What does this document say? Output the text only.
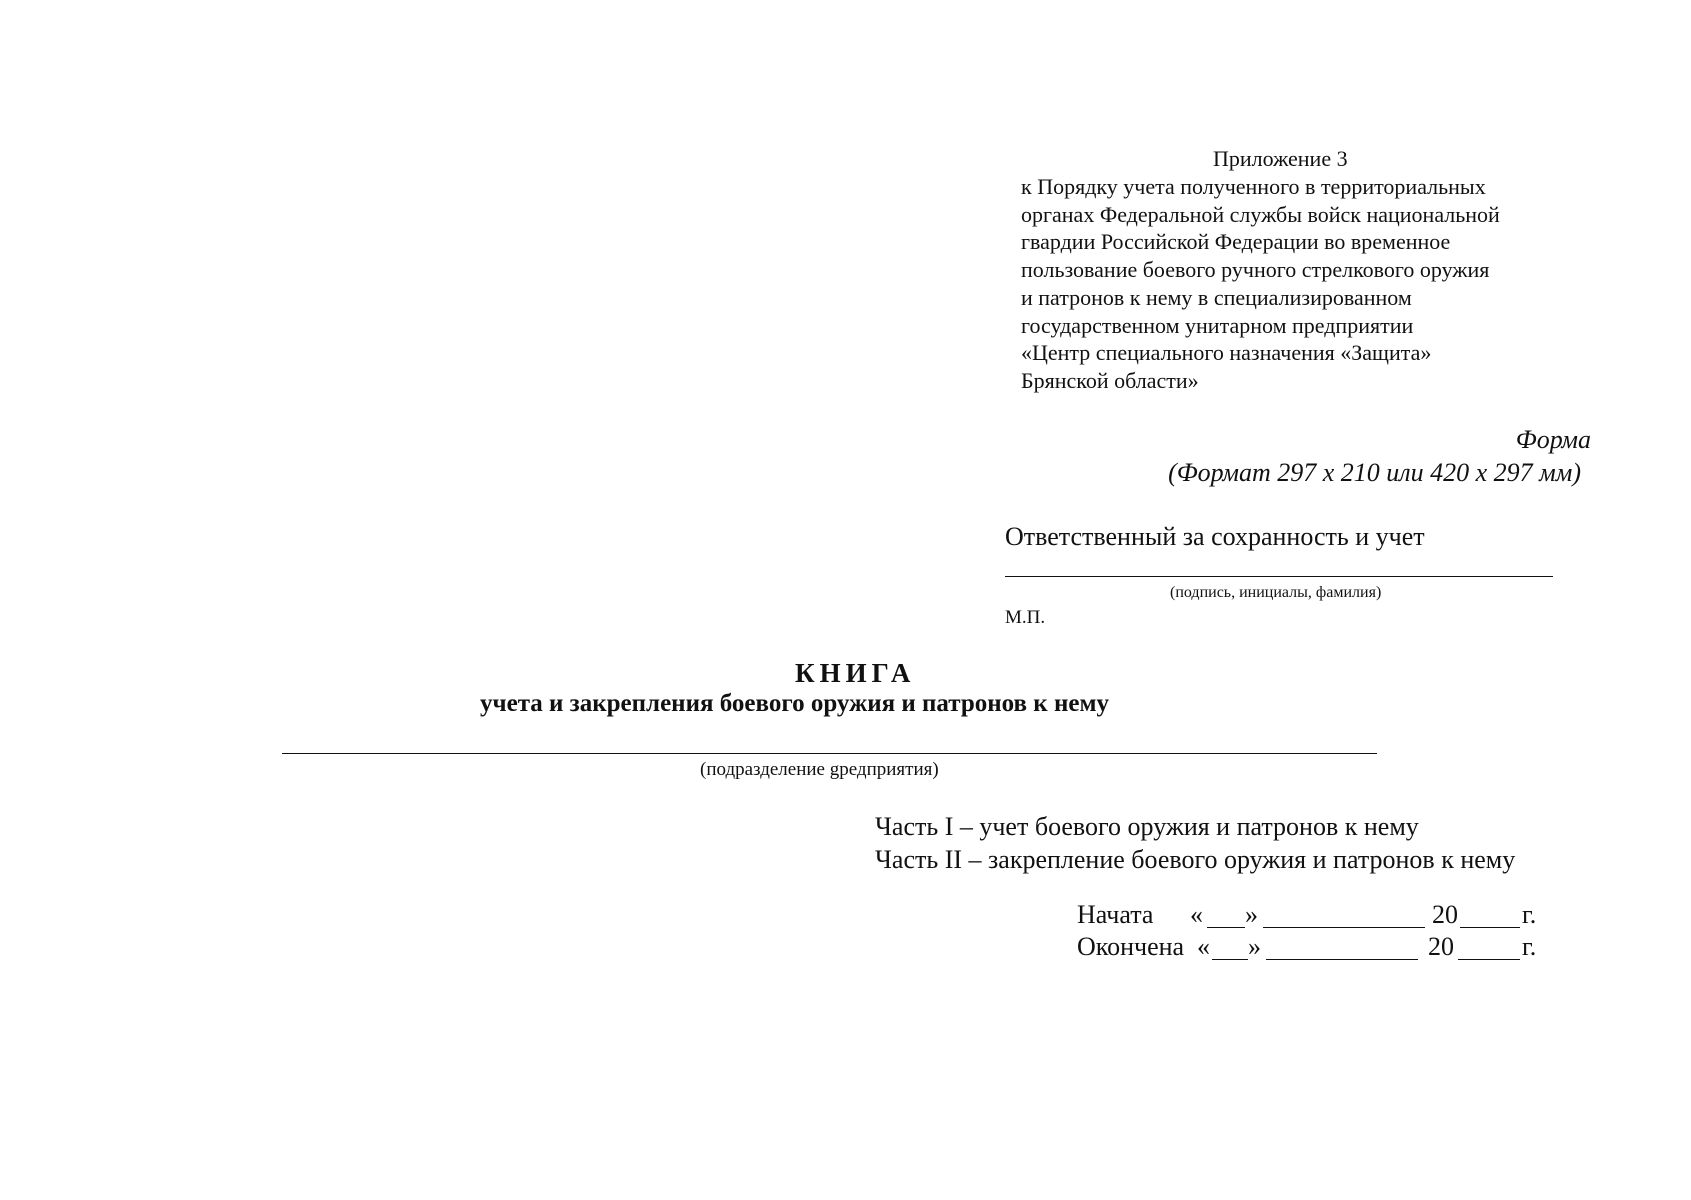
Приложение 3
к Порядку учета полученного в территориальных
органах Федеральной службы войск национальной
гвардии Российской Федерации во временное
пользование боевого ручного стрелкового оружия
и патронов к нему в специализированном
государственном унитарном предприятии
«Центр специального назначения «Защита»
Брянской области»
Форма
(Формат 297 х 210 или 420 х 297 мм)
Ответственный за сохранность и учет
(подпись, инициалы, фамилия)
М.П.
КНИГА
учета и закрепления боевого оружия и патронов к нему
(подразделение gредприятия)
Часть I – учет боевого оружия и патронов к нему
Часть II – закрепление боевого оружия и патронов к нему
Начата « »	20 г.
Окончена « »	20	г.
